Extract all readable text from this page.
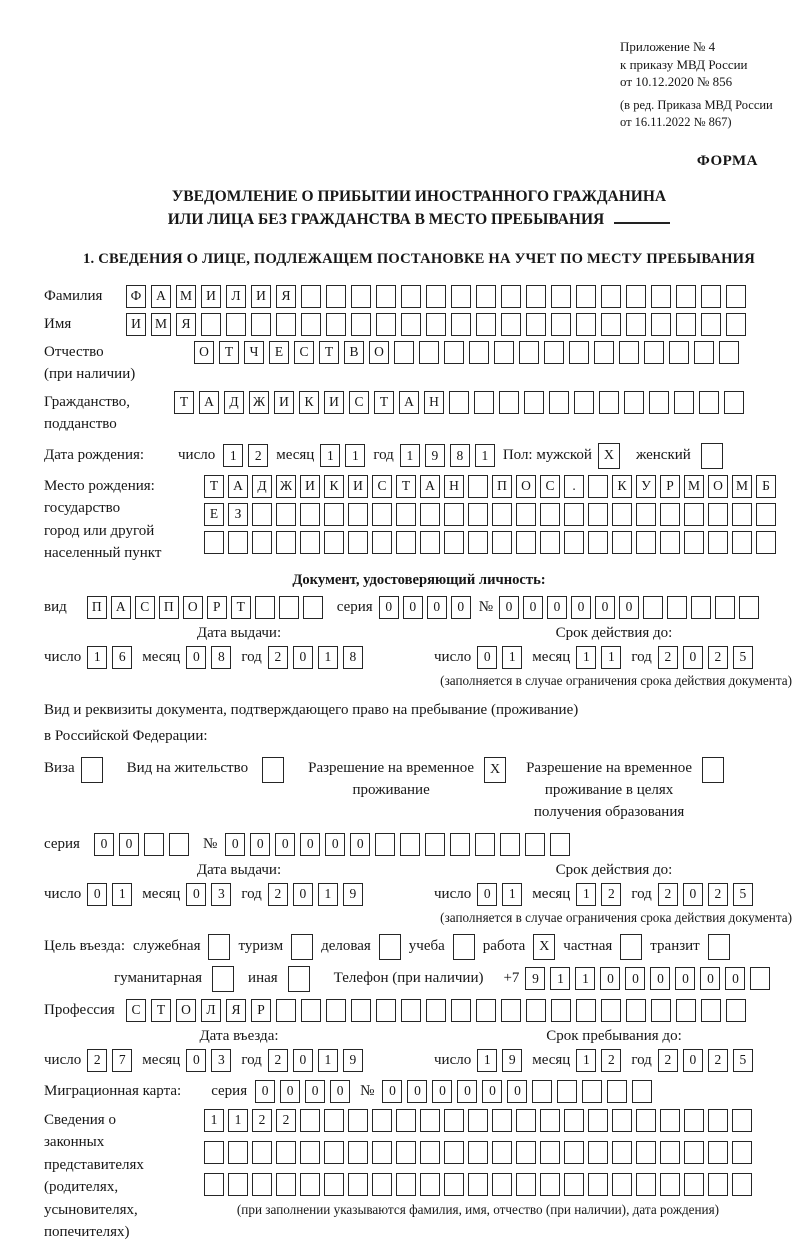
Приложение № 4
к приказу МВД России
от 10.12.2020 № 856
(в ред. Приказа МВД России
от 16.11.2022 № 867)
ФОРМА
УВЕДОМЛЕНИЕ О ПРИБЫТИИ ИНОСТРАННОГО ГРАЖДАНИНА
ИЛИ ЛИЦА БЕЗ ГРАЖДАНСТВА В МЕСТО ПРЕБЫВАНИЯ
1. СВЕДЕНИЯ О ЛИЦЕ, ПОДЛЕЖАЩЕМ ПОСТАНОВКЕ НА УЧЕТ ПО МЕСТУ ПРЕБЫВАНИЯ
Фамилия	Ф	А	М	И	Л	И	Я
Имя	И	М	Я
Отчество
(при наличии)
О	Т	Ч	Е	С	Т	В	О
Гражданство,
подданство
Т	А	Д	Ж	И	К	И	С	Т	А	Н
Дата рождения:	число	1	2 месяц 1	1 год 1	9	8	1 Пол: мужской X	женский
Место рождения:
государство
город или другой
населенный пункт
Т	А	Д Ж И	К	И	С	Т	А	Н	П	О	С	.	К	У	Р	М О М	Б
Е	З
Документ, удостоверяющий личность:
вид	П	А	С	П	О	Р	Т	серия 0	0	0	0 № 0	0	0	0	0	0
Дата выдачи:	Срок действия до:
число 1	6	месяц 0	8	год 2	0	1	8	число 0	1	месяц 1	1	год 2	0	2	5
(заполняется в случае ограничения срока действия документа)
Вид и реквизиты документа, подтверждающего право на пребывание (проживание)
в Российской Федерации:
Виза	Вид на жительство	Разрешение на временное
проживание
X	Разрешение на временное
проживание в целях
получения образования
серия	0	0	№	0	0	0	0	0	0
Дата выдачи:	Срок действия до:
число 0	1	месяц 0	3	год 2	0	1	9	число 0	1	месяц 1	2	год 2	0	2	5
(заполняется в случае ограничения срока действия документа)
Цель въезда: служебная	туризм	деловая	учеба	работа X частная	транзит
гуманитарная	иная	Телефон (при наличии) +7 9	1	1	0	0	0	0	0	0
Профессия	С	Т	О	Л	Я	Р
Дата въезда:	Срок пребывания до:
число 2	7	месяц 0	3	год 2	0	1	9	число 1	9	месяц 1	2	год 2	0	2	5
Миграционная карта: серия	0	0	0	0	№	0	0	0	0	0	0
Сведения о
законных
представителях
(родителях,
усыновителях,
попечителях)
1	1	2	2
(при заполнении указываются фамилия, имя, отчество (при наличии), дата рождения)
